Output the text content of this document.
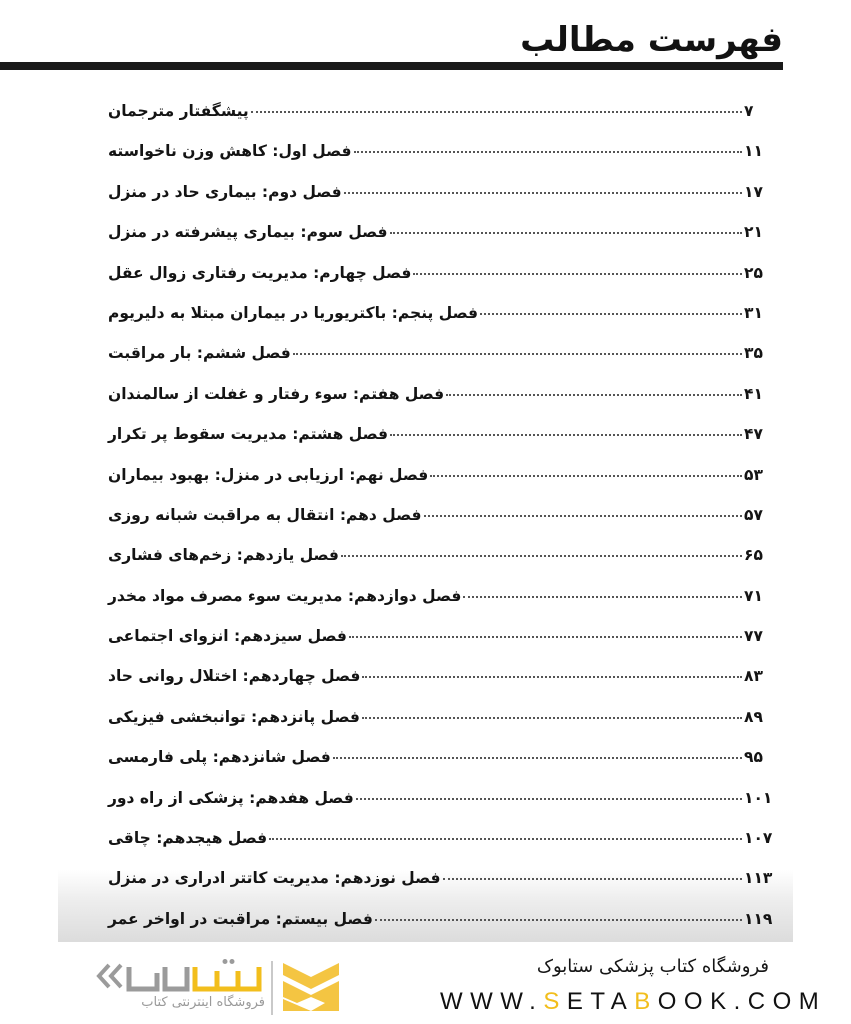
فهرست مطالب
پیشگفتار مترجمان	۷
فصل اول: کاهش وزن ناخواسته	۱۱
فصل دوم: بیماری حاد در منزل	۱۷
فصل سوم: بیماری پیشرفته در منزل	۲۱
فصل چهارم: مدیریت رفتاری زوال عقل	۲۵
فصل پنجم: باکتریوریا در بیماران مبتلا به دلیریوم	۳۱
فصل ششم: بار مراقبت	۳۵
فصل هفتم: سوء رفتار و غفلت از سالمندان	۴۱
فصل هشتم: مدیریت سقوط پر تکرار	۴۷
فصل نهم: ارزیابی در منزل: بهبود بیماران	۵۳
فصل دهم: انتقال به مراقبت شبانه روزی	۵۷
فصل یازدهم: زخم‌های فشاری	۶۵
فصل دوازدهم: مدیریت سوء مصرف مواد مخدر	۷۱
فصل سیزدهم: انزوای اجتماعی	۷۷
فصل چهاردهم: اختلال روانی حاد	۸۳
فصل پانزدهم: توانبخشی فیزیکی	۸۹
فصل شانزدهم: پلی فارمسی	۹۵
فصل هفدهم: پزشکی از راه دور	۱۰۱
فصل هیجدهم: چاقی	۱۰۷
فصل نوزدهم: مدیریت کاتتر ادراری در منزل	۱۱۳
فصل بیستم: مراقبت در اواخر عمر	۱۱۹
فروشگاه اینترنتی کتاب
فروشگاه کتاب پزشکی ستابوک
WWW.SETABOOK.COM
